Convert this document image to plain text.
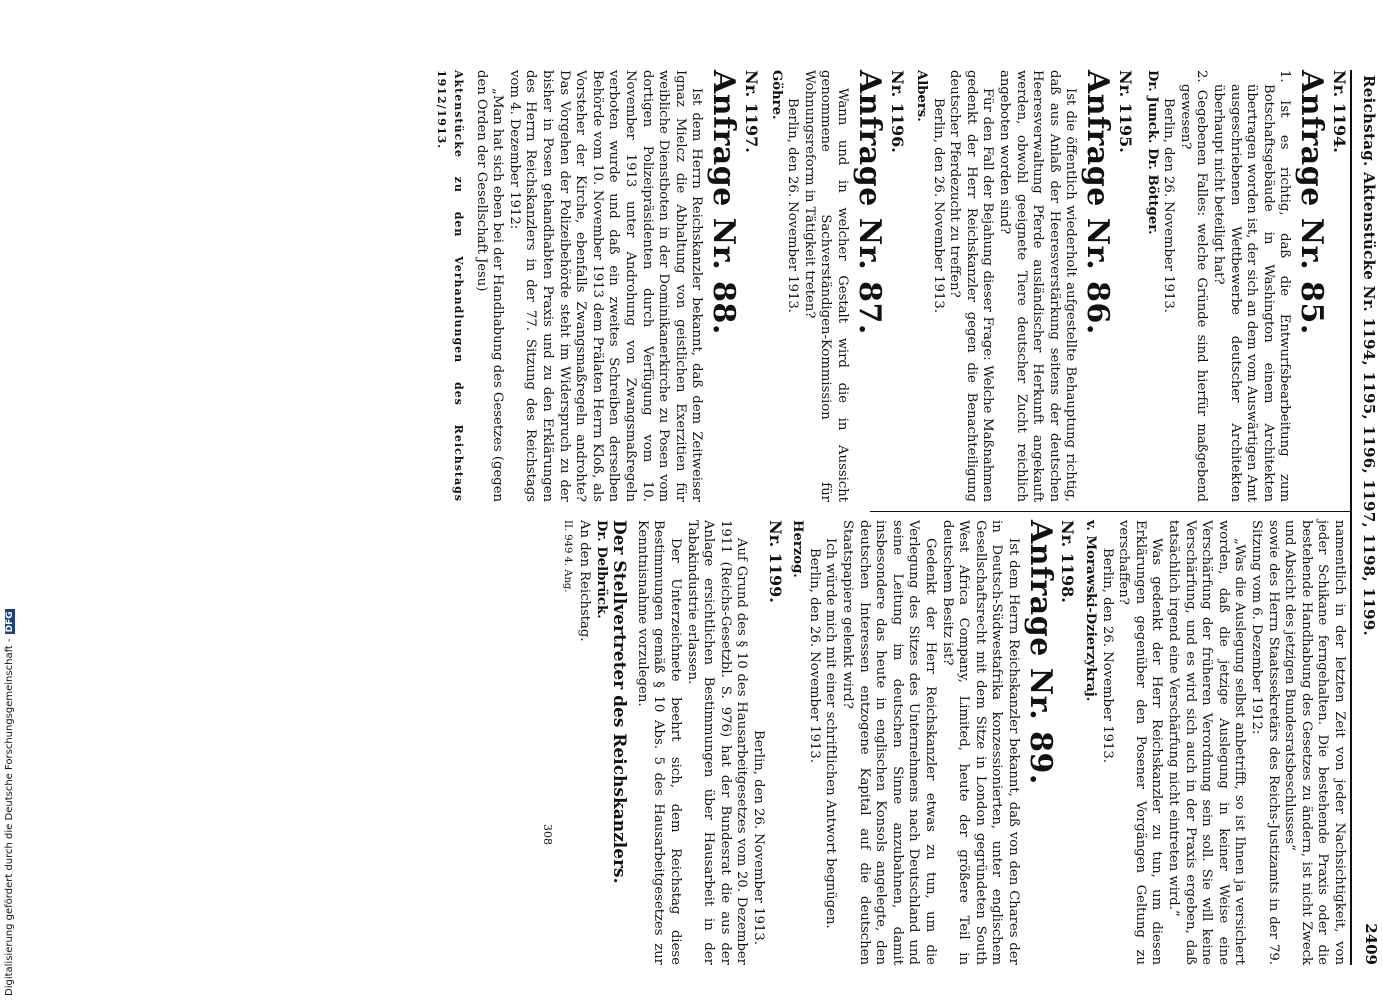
Reichstag. Aktenstücke Nr. 1194, 1195, 1196, 1197, 1198, 1199.
2409

Nr. 1194.

Anfrage Nr. 85.

1. Ist es richtig, daß die Entwurfsbearbeitung zum Botschaftsgebäude in Washington einem Architekten übertragen worden ist, der sich an dem vom Auswärtigen Amt ausgeschriebenen Wettbewerbe deutscher Architekten überhaupt nicht beteiligt hat?

2. Gegebenen Falles: welche Gründe sind hierfür maßgebend gewesen?

Berlin, den 26. November 1913.

Dr. Junck. Dr. Böttger.

Nr. 1195.

Anfrage Nr. 86.

Ist die öffentlich wiederholt aufgestellte Behauptung richtig, daß aus Anlaß der Heeresverstärkung seitens der deutschen Heeresverwaltung Pferde ausländischer Herkunft angekauft werden, obwohl geeignete Tiere deutscher Zucht reichlich angeboten worden sind?

Für den Fall der Bejahung dieser Frage: Welche Maßnahmen gedenkt der Herr Reichskanzler gegen die Benachteiligung deutscher Pferdezucht zu treffen?

Berlin, den 26. November 1913.

Albers.

Nr. 1196.

Anfrage Nr. 87.

Wann und in welcher Gestalt wird die in Aussicht genommene Sachverständigen-Kommission für Wohnungsreform in Tätigkeit treten?

Berlin, den 26. November 1913.

Göhre.

Nr. 1197.

Anfrage Nr. 88.

Ist dem Herrn Reichskanzler bekannt, daß dem Zeitweiser Ignaz Mielcz die Abhaltung von geistlichen Exerzitien für weibliche Dienstboten in der Dominikanerkirche zu Posen vom dortigen Polizeipräsidenten durch Verfügung vom 10. November 1913 unter Androhung von Zwangsmaßregeln verboten wurde und daß ein zweites Schreiben derselben Behörde vom 10. November 1913 dem Prälaten Herrn Kloß, als Vorsteher der Kirche, ebenfalls Zwangsmaßregeln androhte? Das Vorgehen der Polizeibehörde steht im Widerspruch zu der bisher in Posen gehandhabten Praxis und zu den Erklärungen des Herrn Reichskanzlers in der 77. Sitzung des Reichstags vom 4. Dezember 1912:

„Man hat sich eben bei der Handhabung des Gesetzes (gegen den Orden der Gesellschaft Jesu)

Aktenstücke zu den Verhandlungen des Reichstags 1912/1913.

namentlich in der letzten Zeit von jeder Nachsichtigkeit, von jeder Schikane ferngehalten. Die bestehende Praxis oder die bestehende Handhabung des Gesetzes zu ändern, ist nicht Zweck und Absicht des jetzigen Bundesratsbeschlusses“

sowie des Herrn Staatssekretärs des Reichs-Justizamts in der 79. Sitzung vom 6. Dezember 1912:

„Was die Auslegung selbst anbetrifft, so ist Ihnen ja versichert worden, daß die jetzige Auslegung in keiner Weise eine Verschärfung der früheren Verordnung sein soll. Sie will keine Verschärfung, und es wird sich auch in der Praxis ergeben, daß tatsächlich irgend eine Verschärfung nicht eintreten wird.“

Was gedenkt der Herr Reichskanzler zu tun, um diesen Erklärungen gegenüber den Posener Vorgängen Geltung zu verschaffen?

Berlin, den 26. November 1913.

v. Morawski-Dzierzykraj.

Nr. 1198.

Anfrage Nr. 89.

Ist dem Herrn Reichskanzler bekannt, daß von den Chares der in Deutsch-Südwestafrika konzessionierten, unter englischem Gesellschaftsrecht mit dem Sitze in London gegründeten South West Africa Company, Limited, heute der größere Teil in deutschem Besitz ist?

Gedenkt der Herr Reichskanzler etwas zu tun, um die Verlegung des Sitzes des Unternehmens nach Deutschland und seine Leitung im deutschen Sinne anzubahnen, damit insbesondere das heute in englischen Konsols angelegte, den deutschen Interessen entzogene Kapital auf die deutschen Staatspapiere gelenkt wird?

Ich würde mich mit einer schriftlichen Antwort begnügen.

Berlin, den 26. November 1913.

Herzog.

Nr. 1199.

Berlin, den 26. November 1913.

Auf Grund des § 10 des Hausarbeitgesetzes vom 20. Dezember 1911 (Reichs-Gesetzbl. S. 976) hat der Bundesrat die aus der Anlage ersichtlichen Bestimmungen über Hausarbeit in der Tabakindustrie erlassen.

Der Unterzeichnete beehrt sich, dem Reichstag diese Bestimmungen gemäß § 10 Abs. 5 des Hausarbeitgesetzes zur Kenntnisnahme vorzulegen.

Der Stellvertreter des Reichskanzlers.

Dr. Delbrück.

An den Reichstag.

II. 949 4. Ang.

308

Digitalisierung gefördert durch die Deutsche Forschungsgemeinschaft -DFG
